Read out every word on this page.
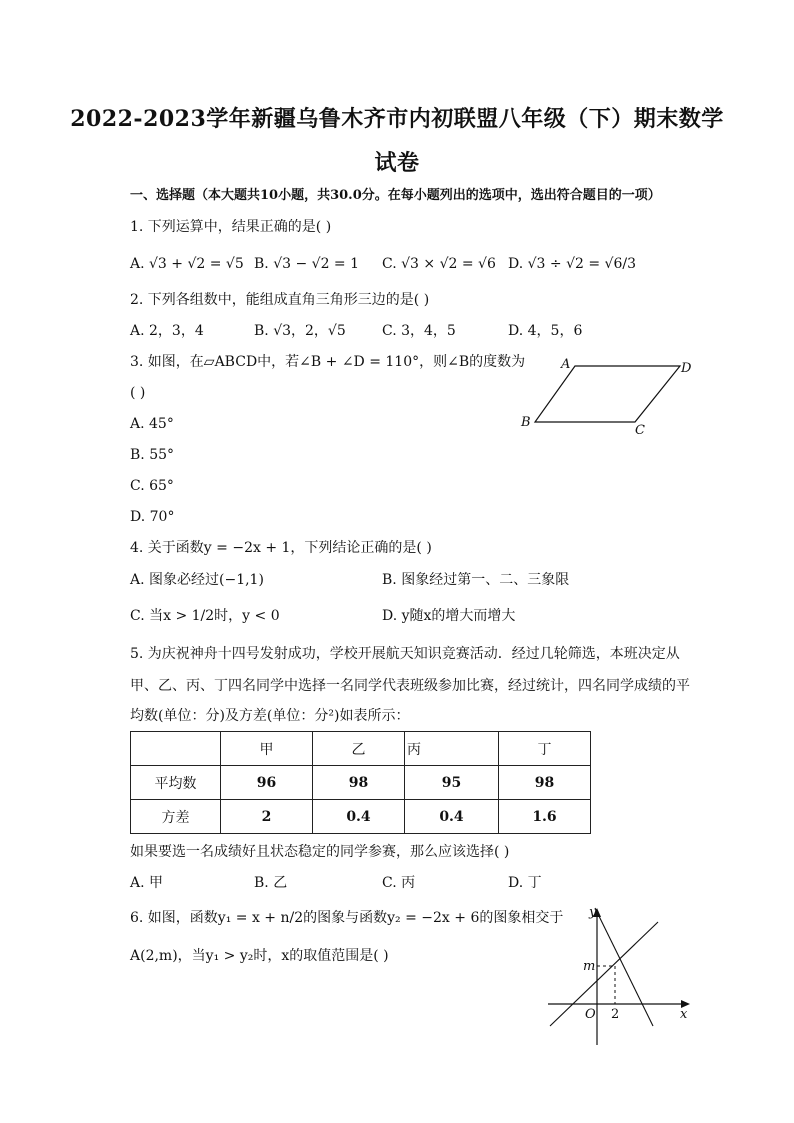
2022-2023学年新疆乌鲁木齐市内初联盟八年级（下）期末数学
试卷
一、选择题（本大题共10小题，共30.0分。在每小题列出的选项中，选出符合题目的一项）
1. 下列运算中，结果正确的是( )
A. √3 + √2 = √5 B. √3 − √2 = 1 C. √3 × √2 = √6 D. √3 ÷ √2 = √6/3
2. 下列各组数中，能组成直角三角形三边的是( )
A. 2，3，4	B. √3，2，√5	C. 3，4，5	D. 4，5，6
3. 如图，在▱ABCD中，若∠B + ∠D = 110°，则∠B的度数为
( )
A. 45°
B. 55°
C. 65°
D. 70°
A	D
B
C
4. 关于函数y = −2x + 1，下列结论正确的是( )
A. 图象必经过(−1,1)	B. 图象经过第一、二、三象限
C. 当x > 1/2时，y < 0	D. y随x的增大而增大
5. 为庆祝神舟十四号发射成功，学校开展航天知识竞赛活动．经过几轮筛选，本班决定从
甲、乙、丙、丁四名同学中选择一名同学代表班级参加比赛，经过统计，四名同学成绩的平
均数(单位：分)及方差(单位：分²)如表所示：
	甲	乙	丙	丁
平均数	96	98	95	98
方差	2	0.4	0.4	1.6
如果要选一名成绩好且状态稳定的同学参赛，那么应该选择( )
A. 甲	B. 乙	C. 丙	D. 丁
6. 如图，函数y₁ = x + n/2的图象与函数y₂ = −2x + 6的图象相交于
A(2,m)，当y₁ > y₂时，x的取值范围是( )
y
x
O
m
2
